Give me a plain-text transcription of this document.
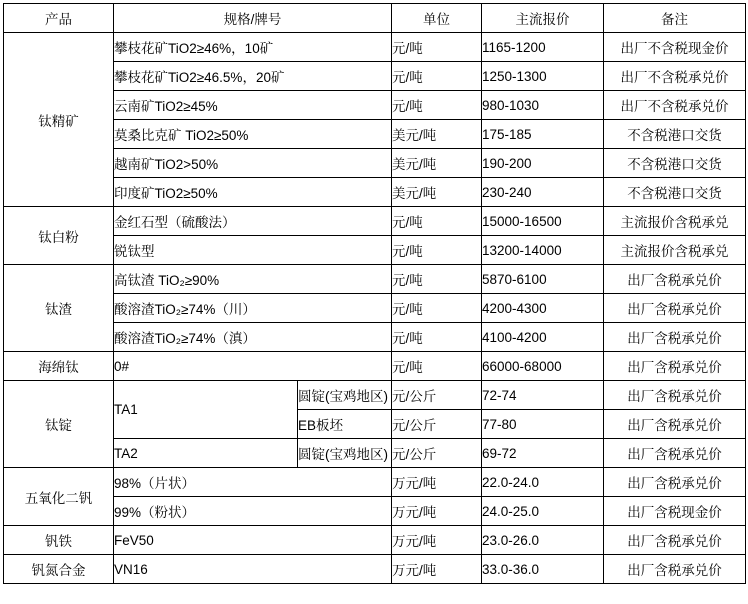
产品	规格/牌号		单位	主流报价	备注
钛精矿	攀枝花矿TiO2≥46%，10矿		元/吨	1165-1200	出厂不含税现金价
	攀枝花矿TiO2≥46.5%，20矿		元/吨	1250-1300	出厂不含税承兑价
	云南矿TiO2≥45%		元/吨	980-1030	出厂不含税承兑价
	莫桑比克矿 TiO2≥50%		美元/吨	175-185	不含税港口交货
	越南矿TiO2>50%		美元/吨	190-200	不含税港口交货
	印度矿TiO2≥50%		美元/吨	230-240	不含税港口交货
钛白粉	金红石型（硫酸法）		元/吨	15000-16500	主流报价含税承兑
	锐钛型		元/吨	13200-14000	主流报价含税承兑
钛渣	高钛渣 TiO₂≥90%		元/吨	5870-6100	出厂含税承兑价
	酸溶渣TiO₂≥74%（川）		元/吨	4200-4300	出厂含税承兑价
	酸溶渣TiO₂≥74%（滇）		元/吨	4100-4200	出厂含税承兑价
海绵钛	0#		元/吨	66000-68000	出厂含税承兑价
钛锭	TA1	圆锭(宝鸡地区)	元/公斤	72-74	出厂含税承兑价
		EB板坯	元/公斤	77-80	出厂含税承兑价
	TA2	圆锭(宝鸡地区)	元/公斤	69-72	出厂含税承兑价
五氧化二钒	98%（片状）		万元/吨	22.0-24.0	出厂含税承兑价
	99%（粉状）		万元/吨	24.0-25.0	出厂含税现金价
钒铁	FeV50		万元/吨	23.0-26.0	出厂含税承兑价
钒氮合金	VN16		万元/吨	33.0-36.0	出厂含税承兑价
